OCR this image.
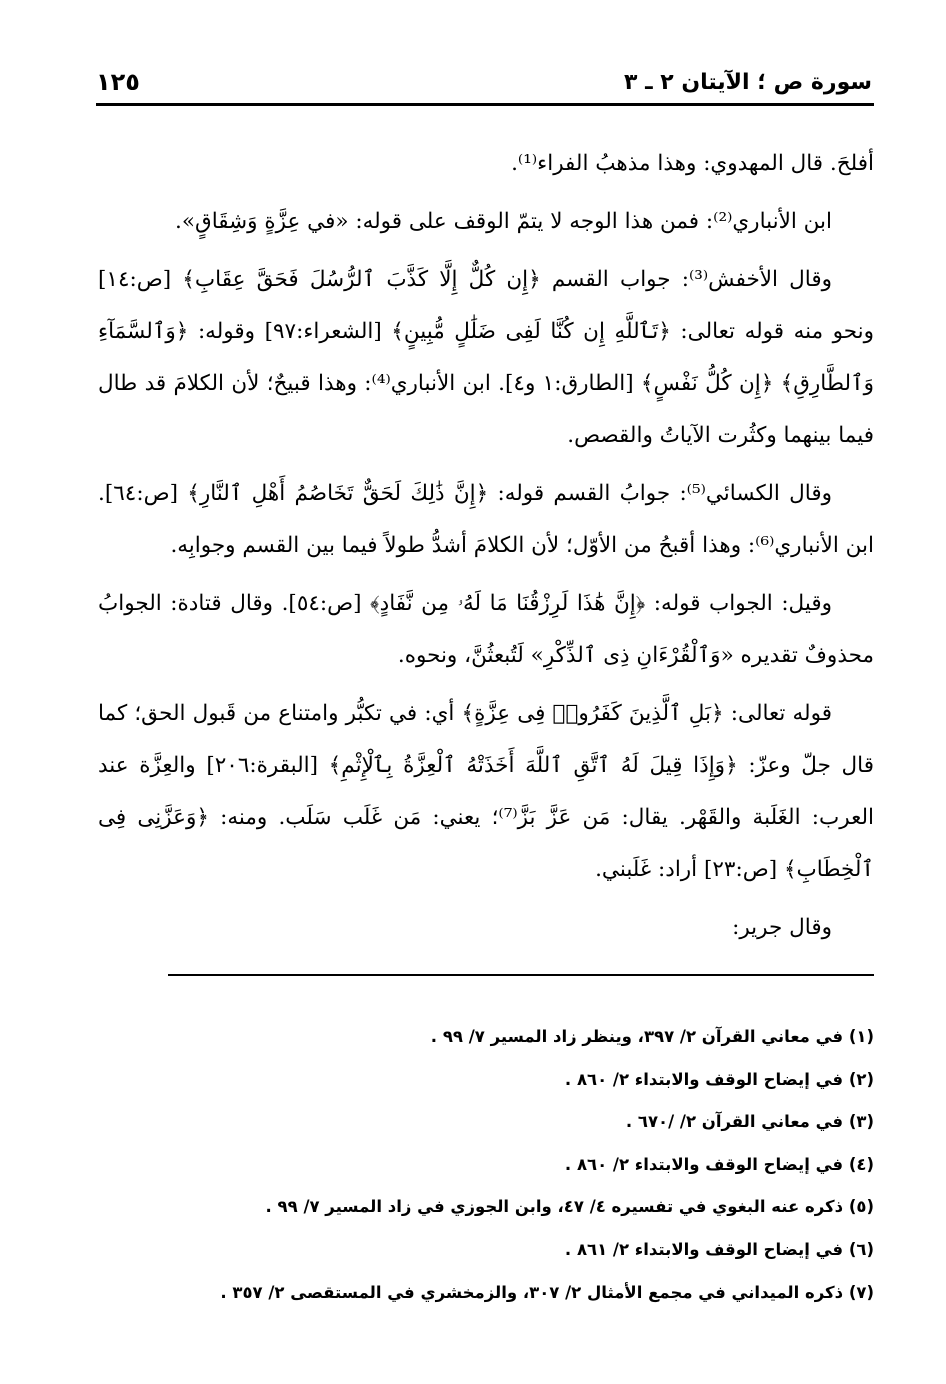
سورة ص ؛ الآيتان ٢ ـ ٣
١٢٥

أفلحَ. قال المهدوي: وهذا مذهبُ الفراء⁽¹⁾.

ابن الأنباري⁽²⁾: فمن هذا الوجه لا يتمّ الوقف على قوله: «في عِزَّةٍ وَشِقَاقٍ».

وقال الأخفش⁽³⁾: جواب القسم ﴿إِن كُلٌّ إِلَّا كَذَّبَ ٱلرُّسُلَ فَحَقَّ عِقَابِ﴾ [ص:١٤] ونحو منه قوله تعالى: ﴿تَٱللَّهِ إِن كُنَّا لَفِى ضَلَٰلٍ مُّبِينٍ﴾ [الشعراء:٩٧] وقوله: ﴿وَٱلسَّمَآءِ وَٱلطَّارِقِ﴾ ﴿إِن كُلُّ نَفْسٍ﴾ [الطارق:١ و٤]. ابن الأنباري⁽⁴⁾: وهذا قبيحٌ؛ لأن الكلامَ قد طال فيما بينهما وكثُرت الآياتُ والقصص.

وقال الكسائي⁽⁵⁾: جوابُ القسم قوله: ﴿إِنَّ ذَٰلِكَ لَحَقٌّ تَخَاصُمُ أَهْلِ ٱلنَّارِ﴾ [ص:٦٤]. ابن الأنباري⁽⁶⁾: وهذا أقبحُ من الأوّل؛ لأن الكلامَ أشدُّ طولاً فيما بين القسم وجوابِه.

وقيل: الجواب قوله: ﴿إِنَّ هَٰذَا لَرِزْقُنَا مَا لَهُۥ مِن نَّفَادٍ﴾ [ص:٥٤]. وقال قتادة: الجوابُ محذوفٌ تقديره «وَٱلْقُرْءَانِ ذِى ٱلذِّكْرِ» لَتُبعثُنَّ، ونحوه.

قوله تعالى: ﴿بَلِ ٱلَّذِينَ كَفَرُوا۟ فِى عِزَّةٍ﴾ أي: في تكبُّر وامتناع من قَبول الحق؛ كما قال جلّ وعزّ: ﴿وَإِذَا قِيلَ لَهُ ٱتَّقِ ٱللَّهَ أَخَذَتْهُ ٱلْعِزَّةُ بِٱلْإِثْمِ﴾ [البقرة:٢٠٦] والعِزَّة عند العرب: الغَلَبة والقَهْر. يقال: مَن عَزَّ بَزَّ⁽⁷⁾؛ يعني: مَن غَلَب سَلَب. ومنه: ﴿وَعَزَّنِى فِى ٱلْخِطَابِ﴾ [ص:٢٣] أراد: غَلَبني.

وقال جرير:

(١) في معاني القرآن ٢/ ٣٩٧، وينظر زاد المسير ٧/ ٩٩ .
(٢) في إيضاح الوقف والابتداء ٢/ ٨٦٠ .
(٣) في معاني القرآن ٢/ /٦٧٠ .
(٤) في إيضاح الوقف والابتداء ٢/ ٨٦٠ .
(٥) ذكره عنه البغوي في تفسيره ٤/ ٤٧، وابن الجوزي في زاد المسير ٧/ ٩٩ .
(٦) في إيضاح الوقف والابتداء ٢/ ٨٦١ .
(٧) ذكره الميداني في مجمع الأمثال ٢/ ٣٠٧، والزمخشري في المستقصى ٢/ ٣٥٧ .
